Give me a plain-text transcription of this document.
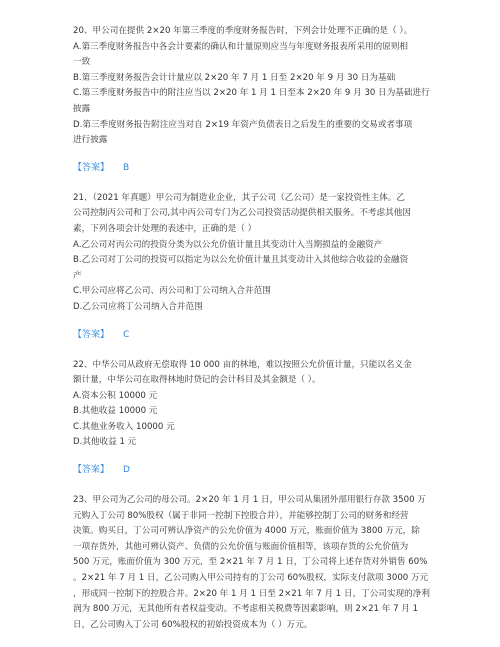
20、甲公司在提供 2×20 年第三季度的季度财务报告时，下列会计处理不正确的是（ ）。
A.第三季度财务报告中各会计要素的确认和计量原则应当与年度财务报表所采用的原则相
一致
B.第三季度财务报告会计计量应以 2×20 年 7 月 1 日至 2×20 年 9 月 30 日为基础
C.第三季度财务报告中的附注应当以 2×20 年 1 月 1 日至本 2×20 年 9 月 30 日为基础进行
披露
D.第三季度财务报告附注应当对自 2×19 年资产负债表日之后发生的重要的交易或者事项
进行披露
【答案】 B
21、（2021 年真题）甲公司为制造业企业，其子公司（乙公司）是一家投资性主体。乙
公司控制丙公司和丁公司,其中丙公司专门为乙公司投资活动提供相关服务。不考虑其他因
素，下列各项会计处理的表述中，正确的是（ ）
A.乙公司对丙公司的投资分类为以公允价值计量且其变动计入当期损益的金融资产
B.乙公司对丁公司的投资可以指定为以公允价值计量且其变动计入其他综合收益的金融资
产
C.甲公司应将乙公司、丙公司和丁公司纳入合并范围
D.乙公司应将丁公司纳入合并范围
【答案】 C
22、中华公司从政府无偿取得 10 000 亩的林地，难以按照公允价值计量，只能以名义金
额计量，中华公司在取得林地时贷记的会计科目及其金额是（ ）。
A.资本公积 10000 元
B.其他收益 10000 元
C.其他业务收入 10000 元
D.其他收益 1 元
【答案】 D
23、甲公司为乙公司的母公司。2×20 年 1 月 1 日，甲公司从集团外部用银行存款 3500 万
元购入丁公司 80%股权（属于非同一控制下控股合并），并能够控制丁公司的财务和经营
决策。购买日，丁公司可辨认净资产的公允价值为 4000 万元，账面价值为 3800 万元，除
一项存货外，其他可辨认资产、负债的公允价值与账面价值相等，该项存货的公允价值为
500 万元，账面价值为 300 万元，至 2×21 年 7 月 1 日，丁公司将上述存货对外销售 60%
。2×21 年 7 月 1 日，乙公司购入甲公司持有的丁公司 60%股权，实际支付款项 3000 万元
，形成同一控制下的控股合并。2×20 年 1 月 1 日至 2×21 年 7 月 1 日，丁公司实现的净利
润为 800 万元，无其他所有者权益变动。不考虑相关税费等因素影响，则 2×21 年 7 月 1
日，乙公司购入丁公司 60%股权的初始投资成本为（ ）万元。
